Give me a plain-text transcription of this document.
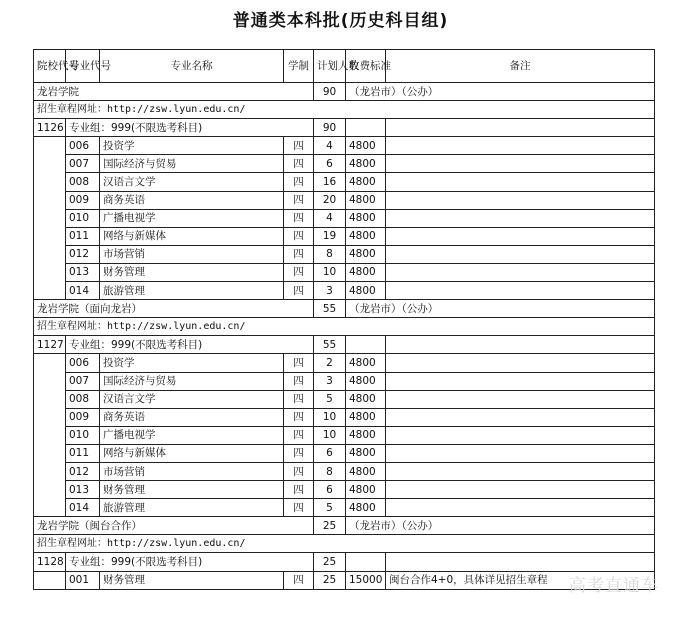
普通类本科批(历史科目组)
院校代号	专业代号	专业名称	学制	计划人数	收费标准	备注
龙岩学院				90	（龙岩市）（公办）	
招生章程网址：http://zsw.lyun.edu.cn/						
1126	专业组：999(不限选考科目)			90		
	006	投资学	四	4	4800	
	007	国际经济与贸易	四	6	4800	
	008	汉语言文学	四	16	4800	
	009	商务英语	四	20	4800	
	010	广播电视学	四	4	4800	
	011	网络与新媒体	四	19	4800	
	012	市场营销	四	8	4800	
	013	财务管理	四	10	4800	
	014	旅游管理	四	3	4800	
龙岩学院（面向龙岩）				55	（龙岩市）（公办）	
招生章程网址：http://zsw.lyun.edu.cn/						
1127	专业组：999(不限选考科目)			55		
	006	投资学	四	2	4800	
	007	国际经济与贸易	四	3	4800	
	008	汉语言文学	四	5	4800	
	009	商务英语	四	10	4800	
	010	广播电视学	四	10	4800	
	011	网络与新媒体	四	6	4800	
	012	市场营销	四	8	4800	
	013	财务管理	四	6	4800	
	014	旅游管理	四	5	4800	
龙岩学院（闽台合作）				25	（龙岩市）（公办）	
招生章程网址：http://zsw.lyun.edu.cn/						
1128	专业组：999(不限选考科目)			25		
	001	财务管理	四	25	15000	闽台合作4+0，具体详见招生章程 高考直通车
